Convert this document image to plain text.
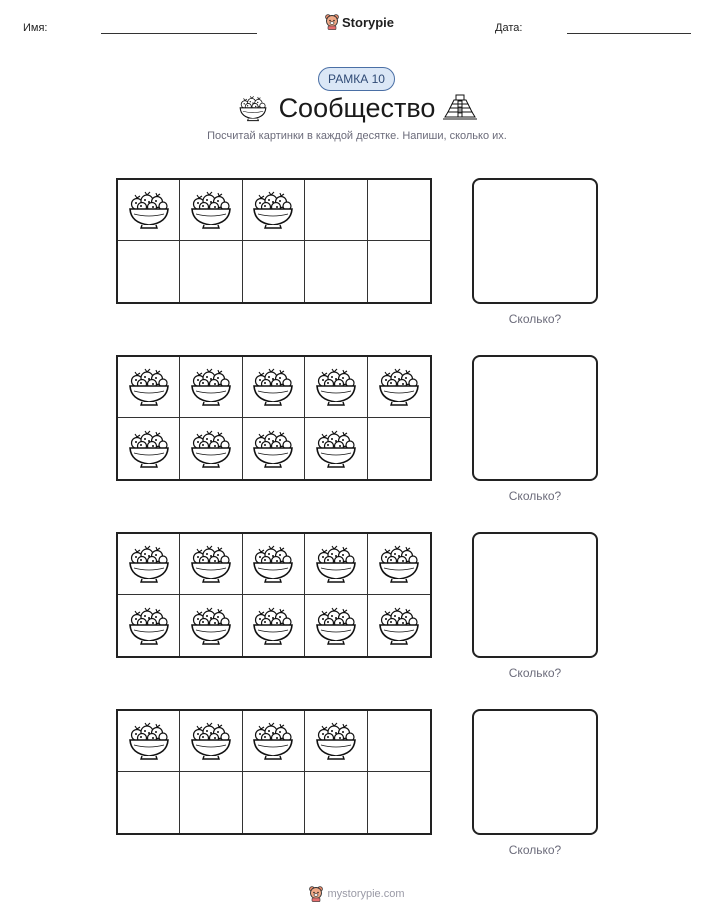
Имя:	Storypie	Дата:
РАМКА 10
Сообщество
Посчитай картинки в каждой десятке. Напиши, сколько их.
Сколько?
Сколько?
Сколько?
Сколько?
mystorypie.com
